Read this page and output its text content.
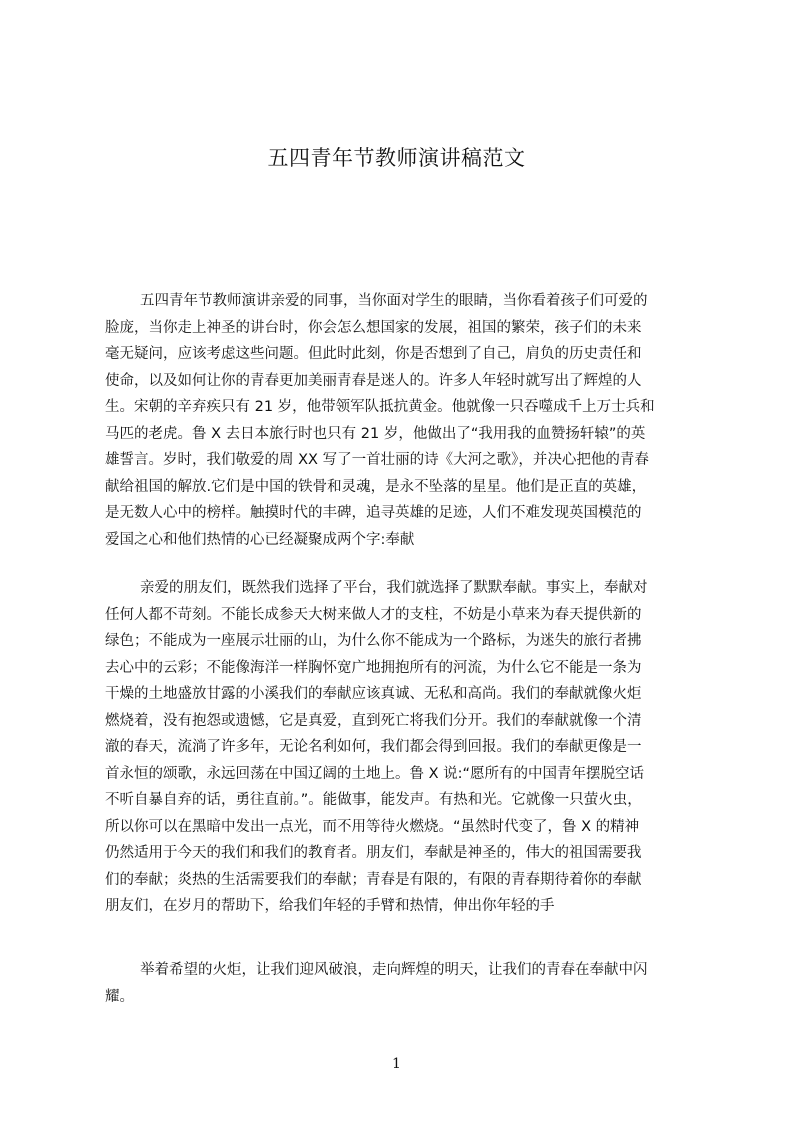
五四青年节教师演讲稿范文
五四青年节教师演讲亲爱的同事，当你面对学生的眼睛，当你看着孩子们可爱的
脸庞，当你走上神圣的讲台时，你会怎么想国家的发展，祖国的繁荣，孩子们的未来
毫无疑问，应该考虑这些问题。但此时此刻，你是否想到了自己，肩负的历史责任和
使命，以及如何让你的青春更加美丽青春是迷人的。许多人年轻时就写出了辉煌的人
生。宋朝的辛弃疾只有 21 岁，他带领军队抵抗黄金。他就像一只吞噬成千上万士兵和
马匹的老虎。鲁 X 去日本旅行时也只有 21 岁，他做出了“我用我的血赞扬轩辕”的英
雄誓言。岁时，我们敬爱的周 XX 写了一首壮丽的诗《大河之歌》，并决心把他的青春
献给祖国的解放.它们是中国的铁骨和灵魂，是永不坠落的星星。他们是正直的英雄，
是无数人心中的榜样。触摸时代的丰碑，追寻英雄的足迹，人们不难发现英国模范的
爱国之心和他们热情的心已经凝聚成两个字:奉献
亲爱的朋友们，既然我们选择了平台，我们就选择了默默奉献。事实上，奉献对
任何人都不苛刻。不能长成参天大树来做人才的支柱，不妨是小草来为春天提供新的
绿色；不能成为一座展示壮丽的山，为什么你不能成为一个路标，为迷失的旅行者拂
去心中的云彩；不能像海洋一样胸怀宽广地拥抱所有的河流，为什么它不能是一条为
干燥的土地盛放甘露的小溪我们的奉献应该真诚、无私和高尚。我们的奉献就像火炬
燃烧着，没有抱怨或遗憾，它是真爱，直到死亡将我们分开。我们的奉献就像一个清
澈的春天，流淌了许多年，无论名利如何，我们都会得到回报。我们的奉献更像是一
首永恒的颂歌，永远回荡在中国辽阔的土地上。鲁 X 说:“愿所有的中国青年摆脱空话
不听自暴自弃的话，勇往直前。”。能做事，能发声。有热和光。它就像一只萤火虫，
所以你可以在黑暗中发出一点光，而不用等待火燃烧。“虽然时代变了，鲁 X 的精神
仍然适用于今天的我们和我们的教育者。朋友们，奉献是神圣的，伟大的祖国需要我
们的奉献；炎热的生活需要我们的奉献；青春是有限的，有限的青春期待着你的奉献
朋友们，在岁月的帮助下，给我们年轻的手臂和热情，伸出你年轻的手
举着希望的火炬，让我们迎风破浪，走向辉煌的明天，让我们的青春在奉献中闪
耀。
1
